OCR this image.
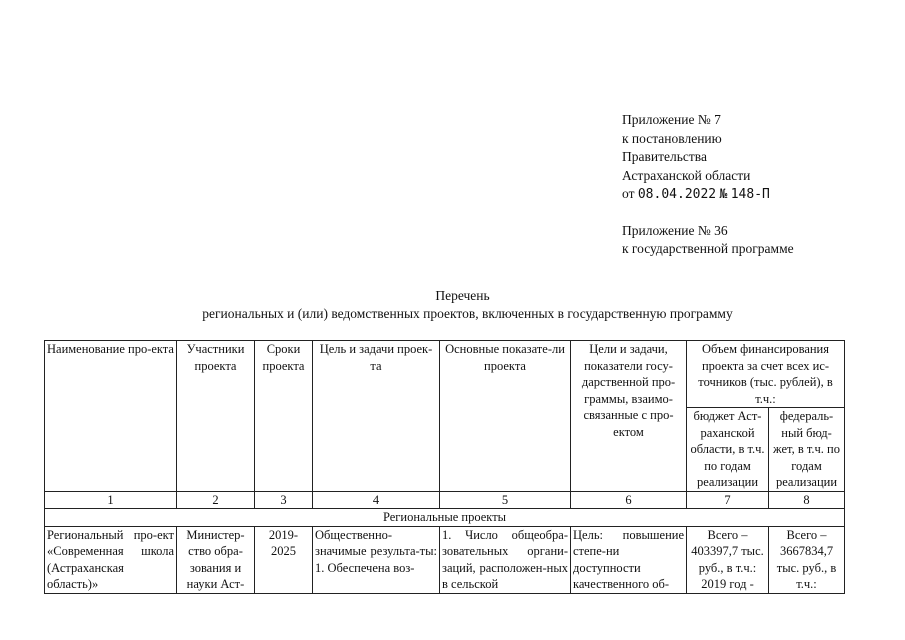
Приложение № 7
к постановлению
Правительства
Астраханской области
от 08.04.2022 № 148-П
Приложение № 36
к государственной программе
Перечень
региональных и (или) ведомственных проектов, включенных в государственную программу
Наименование про-екта	Участники проекта	Сроки проекта	Цель и задачи проек-та	Основные показате-ли проекта	Цели и задачи, показатели госу-дарственной про-граммы, взаимо-связанные с про-ектом	Объем финансирования проекта за счет всех ис-точников (тыс. рублей), в т.ч.:	
						бюджет Аст-раханской области, в т.ч. по годам реализации	федераль-ный бюд-жет, в т.ч. по годам реализации
1	2	3	4	5	6	7	8
Региональные проекты							
Региональный про-ект «Современная школа (Астраханская область)»	Министер-ство обра-зования и науки Аст-	2019-2025	Общественно-значимые результа-ты: 1. Обеспечена воз-	1. Число общеобра-зовательных органи-заций, расположен-ных в сельской	Цель: повышение степе-ни доступности качественного об-	Всего – 403397,7 тыс. руб., в т.ч.: 2019 год -	Всего – 3667834,7 тыс. руб., в т.ч.:
